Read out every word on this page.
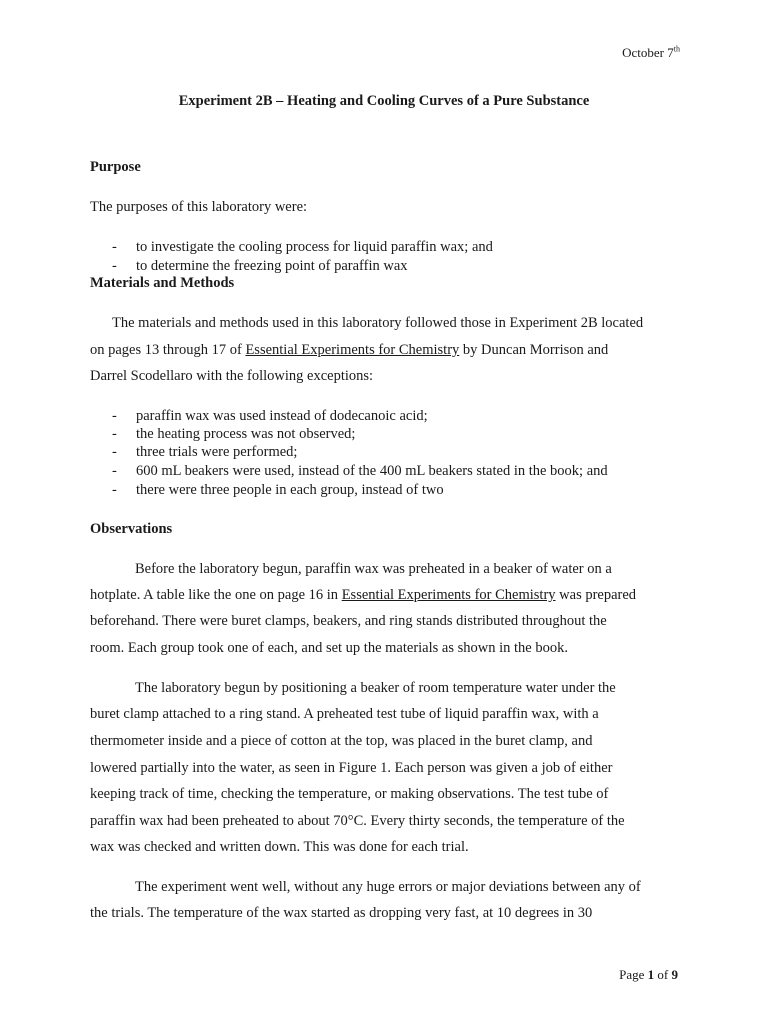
October 7th
Experiment 2B – Heating and Cooling Curves of a Pure Substance
Purpose
The purposes of this laboratory were:
- to investigate the cooling process for liquid paraffin wax; and
- to determine the freezing point of paraffin wax
Materials and Methods
The materials and methods used in this laboratory followed those in Experiment 2B located
on pages 13 through 17 of Essential Experiments for Chemistry by Duncan Morrison and
Darrel Scodellaro with the following exceptions:
- paraffin wax was used instead of dodecanoic acid;
- the heating process was not observed;
- three trials were performed;
- 600 mL beakers were used, instead of the 400 mL beakers stated in the book; and
- there were three people in each group, instead of two
Observations
Before the laboratory begun, paraffin wax was preheated in a beaker of water on a
hotplate. A table like the one on page 16 in Essential Experiments for Chemistry was prepared
beforehand. There were buret clamps, beakers, and ring stands distributed throughout the
room. Each group took one of each, and set up the materials as shown in the book.
The laboratory begun by positioning a beaker of room temperature water under the
buret clamp attached to a ring stand. A preheated test tube of liquid paraffin wax, with a
thermometer inside and a piece of cotton at the top, was placed in the buret clamp, and
lowered partially into the water, as seen in Figure 1. Each person was given a job of either
keeping track of time, checking the temperature, or making observations. The test tube of
paraffin wax had been preheated to about 70°C. Every thirty seconds, the temperature of the
wax was checked and written down. This was done for each trial.
The experiment went well, without any huge errors or major deviations between any of
the trials. The temperature of the wax started as dropping very fast, at 10 degrees in 30
Page 1 of 9
